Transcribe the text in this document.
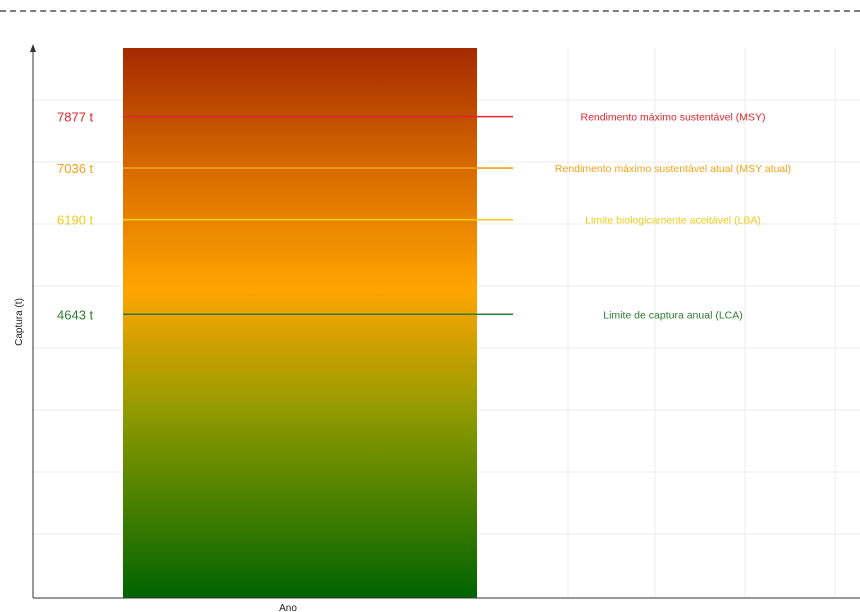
7877 t	Rendimento máximo sustentável (MSY)
7036 t	Rendimento máximo sustentável atual (MSY atual)
6190 t	Limite biologicamente aceitável (LBA)
4643 t	Limite de captura anual (LCA)
Captura (t)
Ano
